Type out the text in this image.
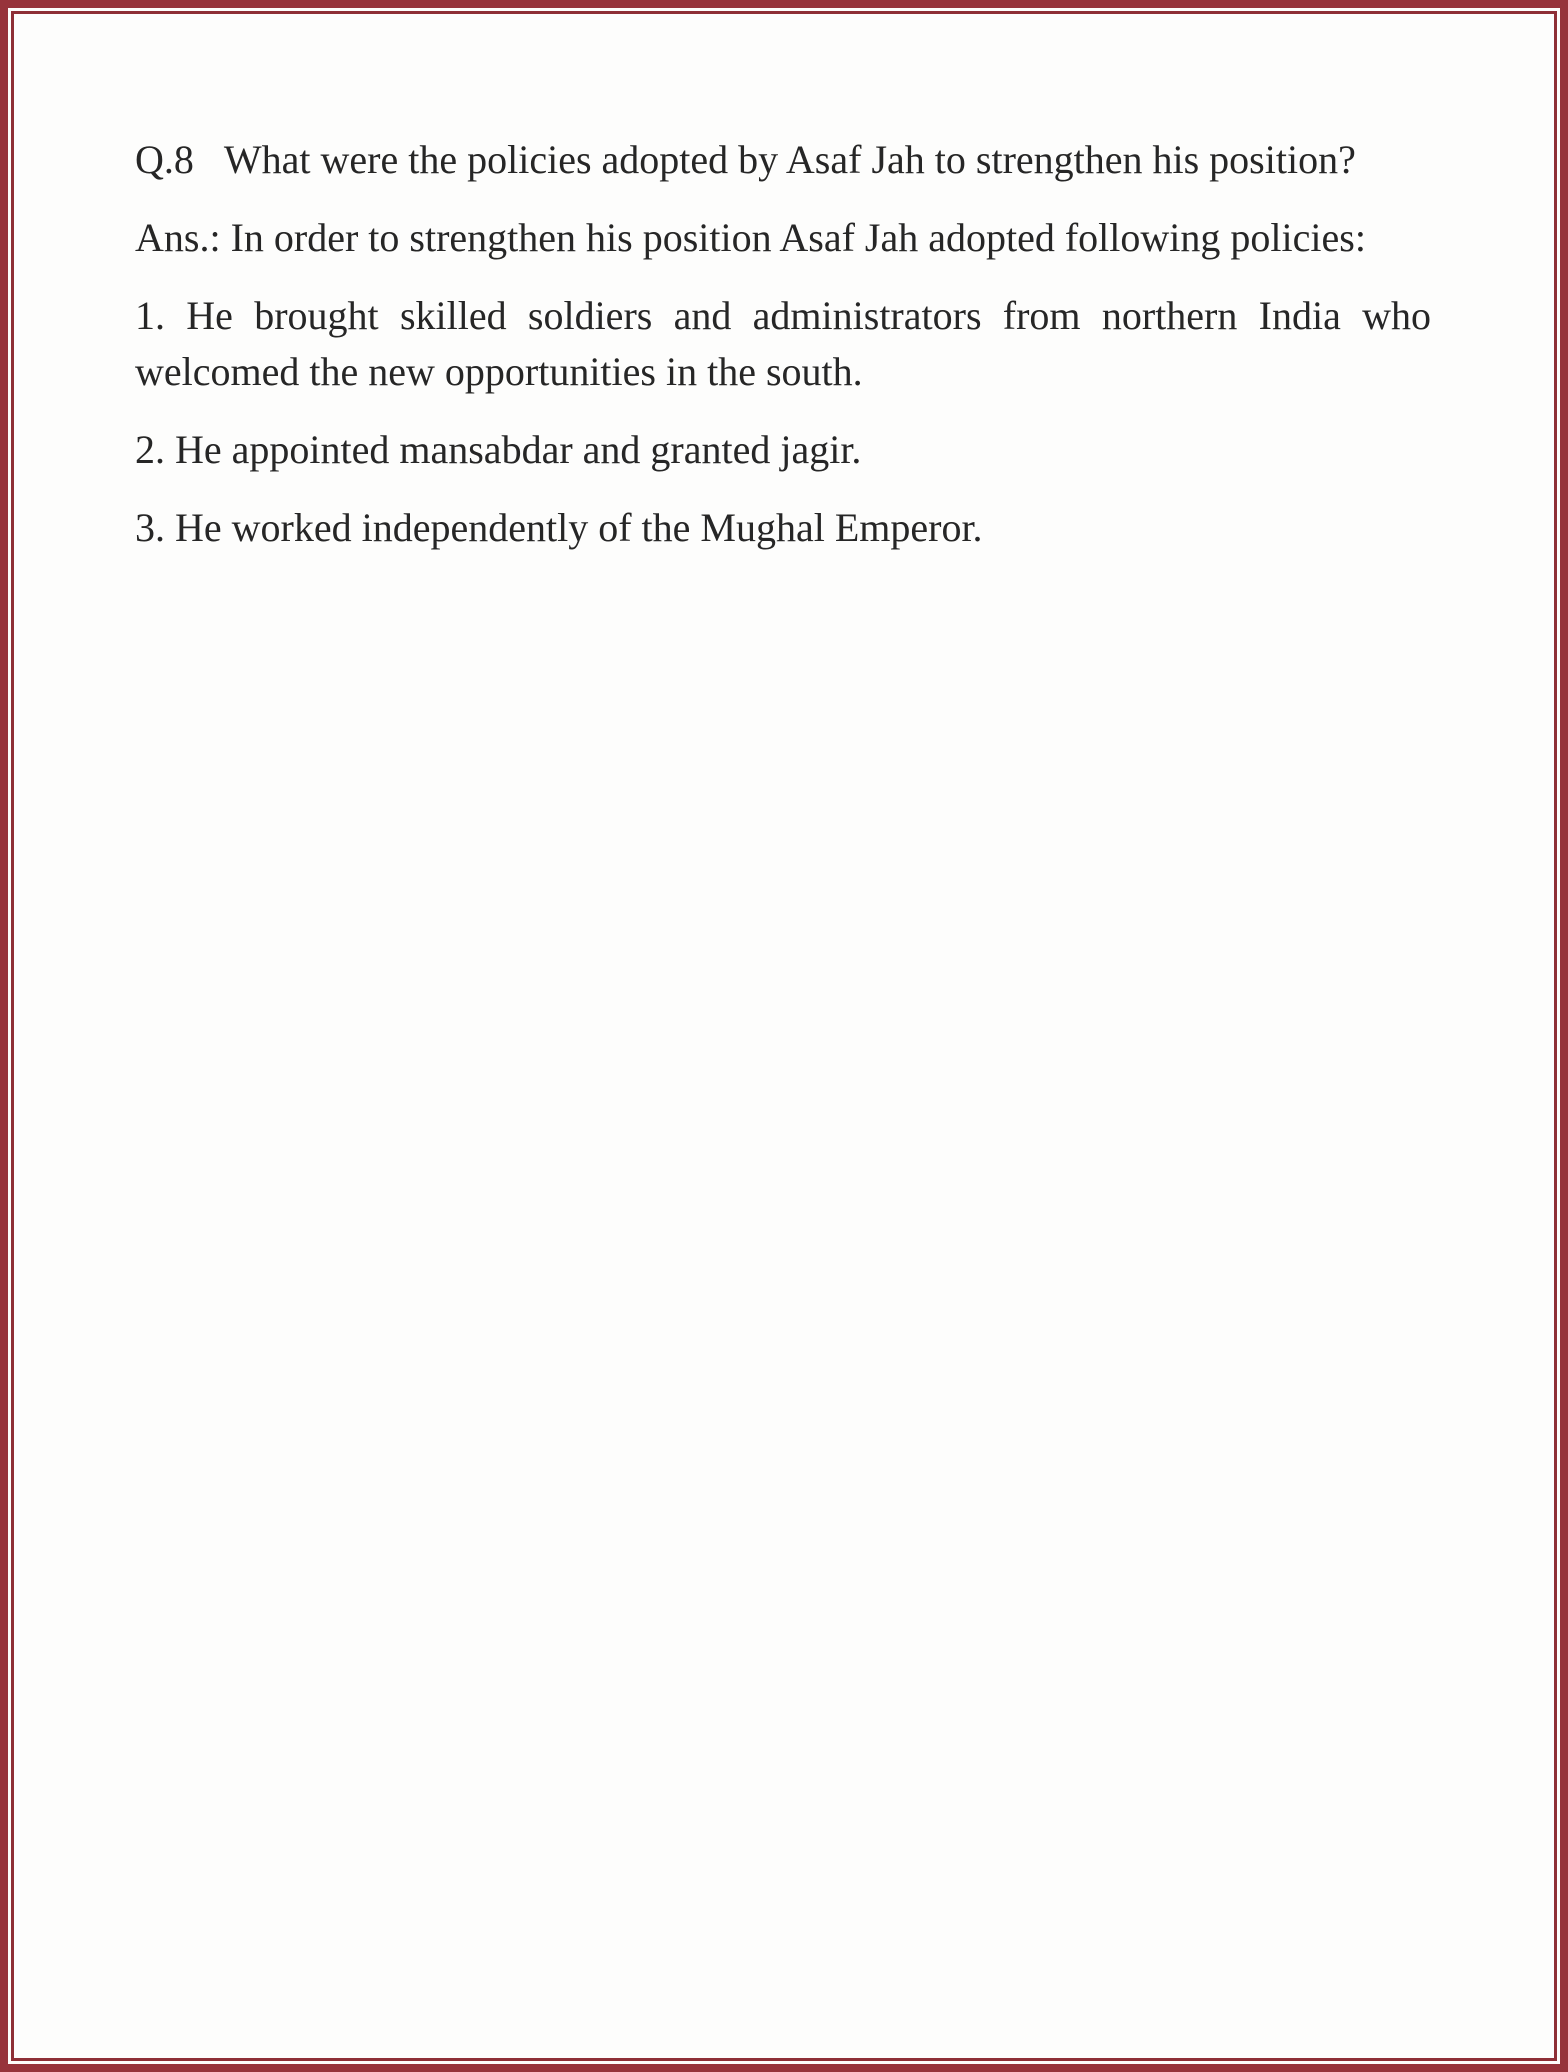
Q.8 What were the policies adopted by Asaf Jah to strengthen his position?

Ans.: In order to strengthen his position Asaf Jah adopted following policies:

1. He brought skilled soldiers and administrators from northern India who welcomed the new opportunities in the south.

2. He appointed mansabdar and granted jagir.

3. He worked independently of the Mughal Emperor.
